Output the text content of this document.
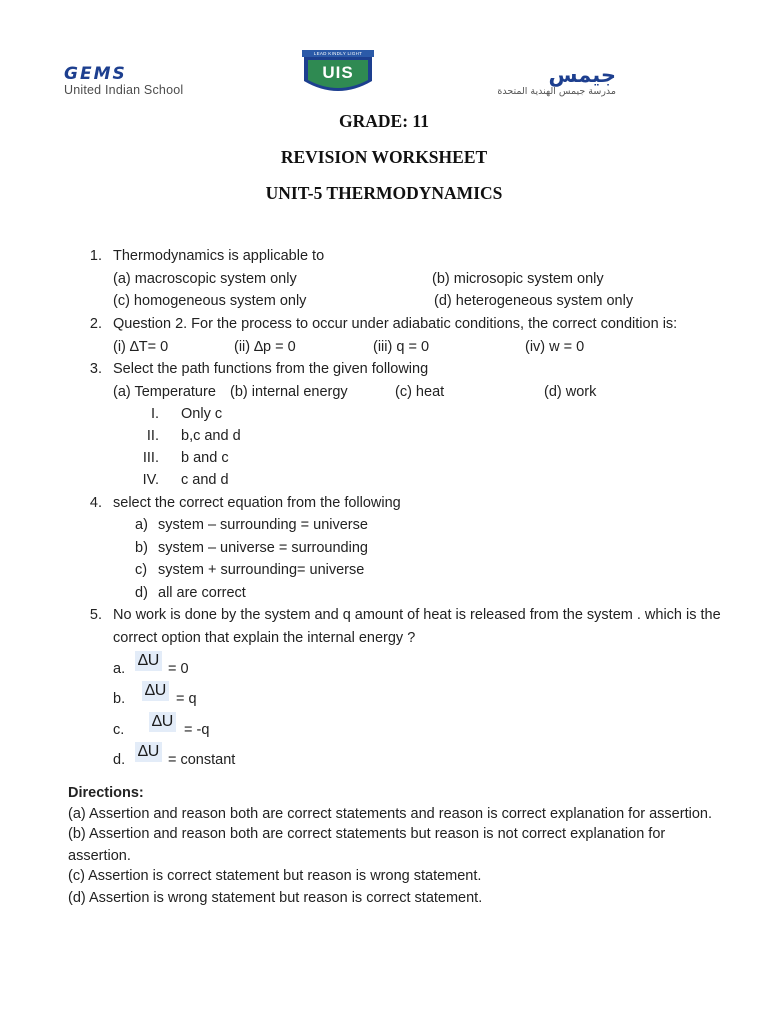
GEMS
United Indian School
LEAD KINDLY LIGHT
UIS	جيمس
مدرسة جيمس الهندية المتحدة
GRADE: 11
REVISION WORKSHEET
UNIT-5 THERMODYNAMICS
1. Thermodynamics is applicable to
(a) macroscopic system only	(b) microsopic system only
(c) homogeneous system only	(d) heterogeneous system only
2. Question 2. For the process to occur under adiabatic conditions, the correct condition is:
(i) ∆T= 0	(ii) ∆p = 0	(iii) q = 0	(iv) w = 0
3. Select the path functions from the given following
(a) Temperature (b) internal energy	(c) heat	(d) work
I. Only c
II. b,c and d
III. b and c
IV. c and d
4. select the correct equation from the following
a) system – surrounding = universe
b) system – universe = surrounding
c) system + surrounding= universe
d) all are correct
5. No work is done by the system and q amount of heat is released from the system . which is the
correct option that explain the internal energy ?
a. ∆U = 0
b. ∆U = q
c. ∆U = -q
d. ∆U = constant
Directions:
(a) Assertion and reason both are correct statements and reason is correct explanation for assertion.
(b) Assertion and reason both are correct statements but reason is not correct explanation for
assertion.
(c) Assertion is correct statement but reason is wrong statement.
(d) Assertion is wrong statement but reason is correct statement.
